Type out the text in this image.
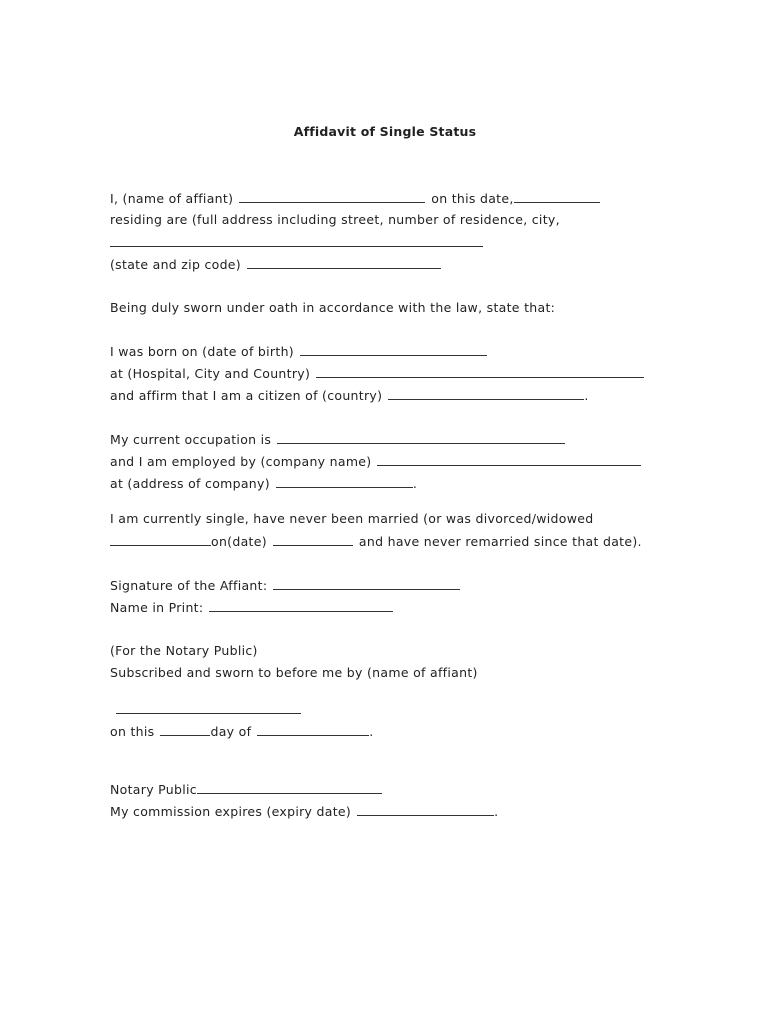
Affidavit of Single Status
I, (name of affiant)	on this date,
residing are (full address including street, number of residence, city,
(state and zip code)
Being duly sworn under oath in accordance with the law, state that:
I was born on (date of birth)
at (Hospital, City and Country)
and affirm that I am a citizen of (country)	.
My current occupation is
and I am employed by (company name)
at (address of company)	.
I am currently single, have never been married (or was divorced/widowed
on(date)	and have never remarried since that date).
Signature of the Affiant:
Name in Print:
(For the Notary Public)
Subscribed and sworn to before me by (name of affiant)
on this	day of	.
Notary Public
My commission expires (expiry date)	.
